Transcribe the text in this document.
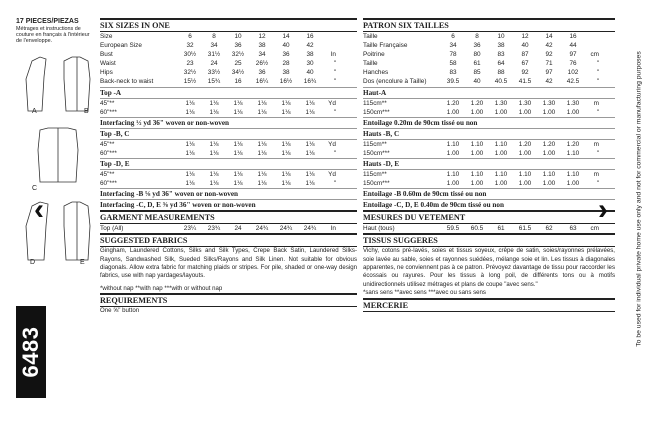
17 PIECES/PIEZAS
Métrages et instructions de couture en français à l'intérieur de l'enveloppe.
A	B
C
D	E
6483
SIX SIZES IN ONE
Size	6	8	10	12	14	16
European Size	32	34	36	38	40	42
Bust	30½	31½	32½	34	36	38	In
Waist	23	24	25	26½	28	30	"
Hips	32½	33½	34½	36	38	40	"
Back-neck to waist	15½	15¾	16	16¼	16½	16¾	"
Top -A
45"**	1⅛	1⅛	1⅛	1⅛	1⅛	1⅛	Yd
60"***	1⅛	1⅛	1⅛	1⅛	1⅛	1⅛	"
Interfacing ½ yd 36" woven or non-woven
Top -B, C
45"**	1⅛	1⅛	1⅛	1⅛	1⅛	1⅛	Yd
60"***	1⅛	1⅛	1⅛	1⅛	1⅛	1⅛	"
Top -D, E
45"**	1⅛	1⅛	1⅛	1⅛	1⅛	1⅛	Yd
60"***	1⅛	1⅛	1⅛	1⅛	1⅛	1⅛	"
Interfacing -B ⅝ yd 36" woven or non-woven
Interfacing -C, D, E ⅜ yd 36" woven or non-woven
GARMENT MEASUREMENTS
Top (All)	23¼	23¾	24	24¾	24¾	24¾	In
SUGGESTED FABRICS
Gingham, Laundered Cottons, Silks and Silk Types, Crepe Back Satin, Laundered Silks-Rayons, Sandwashed Silk, Sueded Silks/Rayons and Silk Linen. Not suitable for obvious diagonals. Allow extra fabric for matching plaids or stripes. For pile, shaded or one-way design fabrics, use with nap yardages/layouts.
*without nap **with nap ***with or without nap
REQUIREMENTS
One ⅝" button
PATRON SIX TAILLES
Taille	6	8	10	12	14	16
Taille Française	34	36	38	40	42	44
Poitrine	78	80	83	87	92	97	cm
Taille	58	61	64	67	71	76	"
Hanches	83	85	88	92	97	102	"
Dos (encolure à Taille)	39.5	40	40.5	41.5	42	42.5	"
Haut-A
115cm**	1.20	1.20	1.30	1.30	1.30	1.30	m
150cm***	1.00	1.00	1.00	1.00	1.00	1.00	"
Entoilage 0.20m de 90cm tissé ou non
Hauts -B, C
115cm**	1.10	1.10	1.10	1.20	1.20	1.20	m
150cm***	1.00	1.00	1.00	1.00	1.00	1.10	"
Hauts -D, E
115cm**	1.10	1.10	1.10	1.10	1.10	1.10	m
150cm***	1.00	1.00	1.00	1.00	1.00	1.00	"
Entoilage -B 0.60m de 90cm tissé ou non
Entoilage -C, D, E 0.40m de 90cm tissé ou non
MESURES DU VETEMENT
Haut (tous)	59.5	60.5	61	61.5	62	63	cm
TISSUS SUGGERES
Vichy, cotons pré-lavés, soies et tissus soyeux, crêpe de satin, soies/rayonnes prélavées, soie lavée au sable, soies et rayonnes suédées, mélange soie et lin. Les tissus à diagonales apparentes, ne conviennent pas à ce patron. Prévoyez davantage de tissu pour raccorder les écossais ou rayures. Pour les tissus à long poil, de différents tons ou à motifs unidirectionnels utilisez métrages et plans de coupe "avec sens."
*sans sens **avec sens ***avec ou sans sens
MERCERIE	To be used for individual private home use only and not for commercial or manufacturing purposes
‹	›
